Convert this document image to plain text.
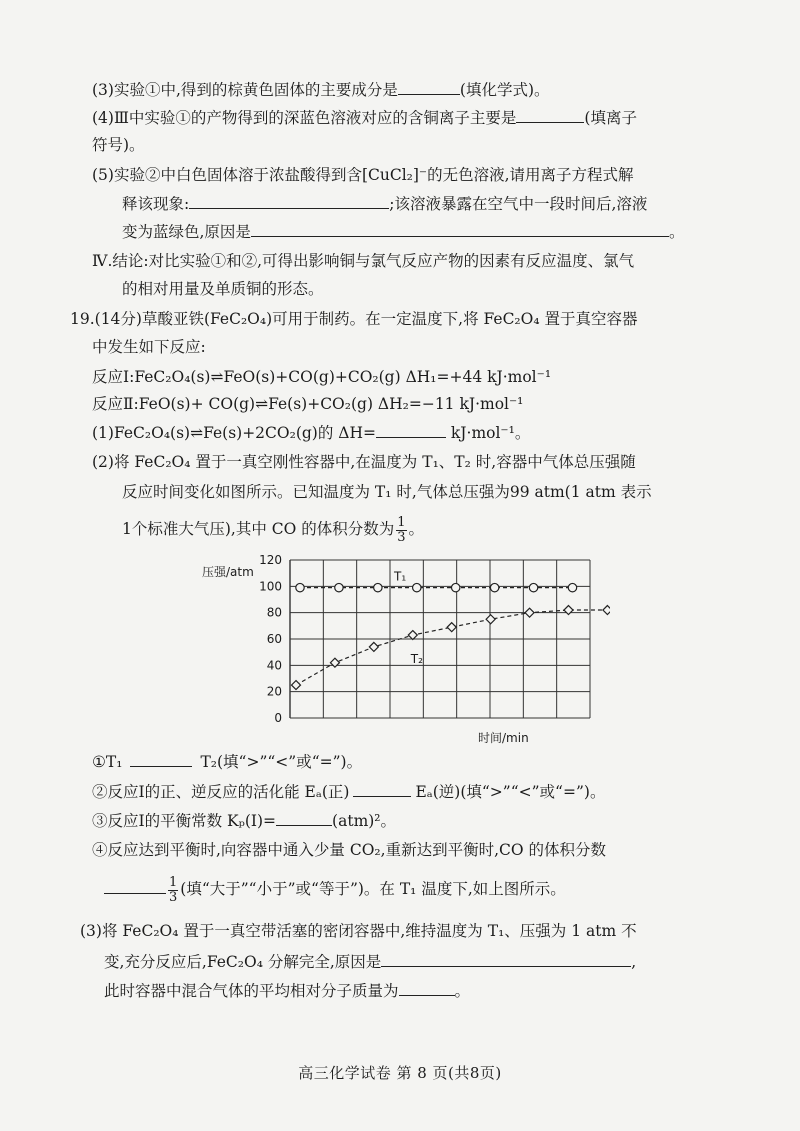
(3)实验①中,得到的棕黄色固体的主要成分是	(填化学式)。
(4)Ⅲ中实验①的产物得到的深蓝色溶液对应的含铜离子主要是	(填离子
符号)。
(5)实验②中白色固体溶于浓盐酸得到含[CuCl₂]⁻的无色溶液,请用离子方程式解
释该现象:	;该溶液暴露在空气中一段时间后,溶液
变为蓝绿色,原因是	。
Ⅳ.结论:对比实验①和②,可得出影响铜与氯气反应产物的因素有反应温度、氯气
的相对用量及单质铜的形态。
19.(14分)草酸亚铁(FeC₂O₄)可用于制药。在一定温度下,将 FeC₂O₄ 置于真空容器
中发生如下反应:
反应Ⅰ:FeC₂O₄(s)⇌FeO(s)+CO(g)+CO₂(g) ΔH₁=+44 kJ·mol⁻¹
反应Ⅱ:FeO(s)+ CO(g)⇌Fe(s)+CO₂(g) ΔH₂=−11 kJ·mol⁻¹
(1)FeC₂O₄(s)⇌Fe(s)+2CO₂(g)的 ΔH=	kJ·mol⁻¹。
(2)将 FeC₂O₄ 置于一真空刚性容器中,在温度为 T₁、T₂ 时,容器中气体总压强随
反应时间变化如图所示。已知温度为 T₁ 时,气体总压强为99 atm(1 atm 表示
1个标准大气压),其中 CO 的体积分数为 $\frac{1}{3}$ 。
0
20
40
60
80
100
120
T₁
T₂
压强/atm
时间/min
①T₁	T₂(填“>”“<”或“=”)。
②反应Ⅰ的正、逆反应的活化能 Eₐ(正)	Eₐ(逆)(填“>”“<”或“=”)。
③反应Ⅰ的平衡常数 Kₚ(Ⅰ)=	(atm)²。
④反应达到平衡时,向容器中通入少量 CO₂,重新达到平衡时,CO 的体积分数
$\frac{1}{3}$ (填“大于”“小于”或“等于”)。在 T₁ 温度下,如上图所示。
(3)将 FeC₂O₄ 置于一真空带活塞的密闭容器中,维持温度为 T₁、压强为 1 atm 不
变,充分反应后,FeC₂O₄ 分解完全,原因是	,
此时容器中混合气体的平均相对分子质量为	。
高三化学试卷 第 8 页(共8页)
